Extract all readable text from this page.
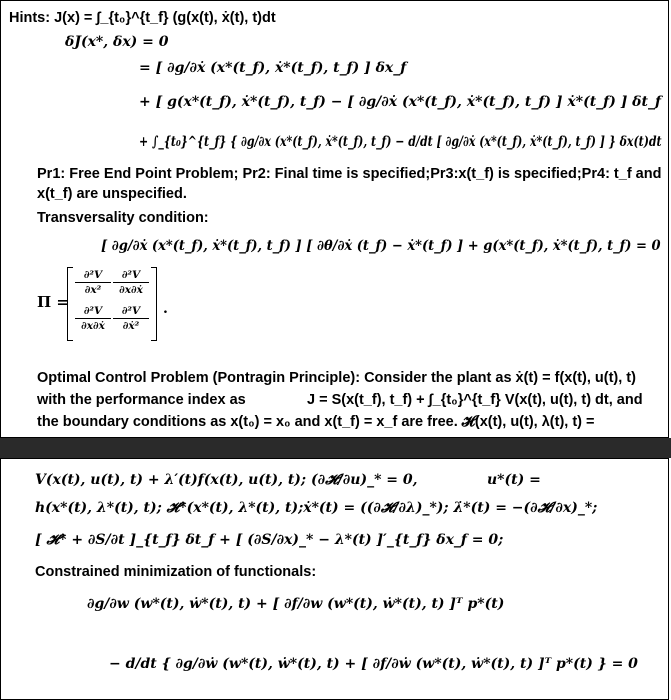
Hints: J(x) = ∫_{t₀}^{t_f} (g(x(t), ẋ(t), t)dt
δJ(x*, δx) = 0
= [ ∂g/∂ẋ (x*(t_f), ẋ*(t_f), t_f) ] δx_f
+ [ g(x*(t_f), ẋ*(t_f), t_f) − [ ∂g/∂ẋ (x*(t_f), ẋ*(t_f), t_f) ] ẋ*(t_f) ] δt_f
+ ∫_{t₀}^{t_f} { ∂g/∂x (x*(t_f), ẋ*(t_f), t_f) − d/dt [ ∂g/∂ẋ (x*(t_f), ẋ*(t_f), t_f) ] } δx(t)dt
Pr1: Free End Point Problem; Pr2: Final time is specified;Pr3:x(t_f) is specified;Pr4: t_f and
x(t_f) are unspecified.
Transversality condition:
[ ∂g/∂ẋ (x*(t_f), ẋ*(t_f), t_f) ] [ ∂θ/∂ẋ (t_f) − ẋ*(t_f) ] + g(x*(t_f), ẋ*(t_f), t_f) = 0
Π =
$\frac{\text{∂²V}}{\text{∂x²}} \frac{\text{∂²V}}{\text{∂x∂ẋ}}$
$\frac{\text{∂²V}}{\text{∂x∂ẋ}} \frac{\text{∂²V}}{\text{∂ẋ²}}$ .
Optimal Control Problem (Pontragin Principle): Consider the plant as ẋ(t) = f(x(t), u(t), t)
with the performance index as	J = S(x(t_f), t_f) + ∫_{t₀}^{t_f} V(x(t), u(t), t) dt, and
the boundary conditions as x(t₀) = x₀ and x(t_f) = x_f are free. 𝓗(x(t), u(t), λ(t), t) =
V(x(t), u(t), t) + λ′(t)f(x(t), u(t), t); (∂𝓗/∂u)_* = 0,	u*(t) =
h(x*(t), λ*(t), t); 𝓗*(x*(t), λ*(t), t);ẋ*(t) = ((∂𝓗/∂λ)_*); λ̇*(t) = −(∂𝓗/∂x)_*;
[ 𝓗* + ∂S/∂t ]_{t_f} δt_f + [ (∂S/∂x)_* − λ*(t) ]′_{t_f} δx_f = 0;
Constrained minimization of functionals:
∂g/∂w (w*(t), ẇ*(t), t) + [ ∂f/∂w (w*(t), ẇ*(t), t) ]ᵀ p*(t)
− d/dt { ∂g/∂ẇ (w*(t), ẇ*(t), t) + [ ∂f/∂ẇ (w*(t), ẇ*(t), t) ]ᵀ p*(t) } = 0
